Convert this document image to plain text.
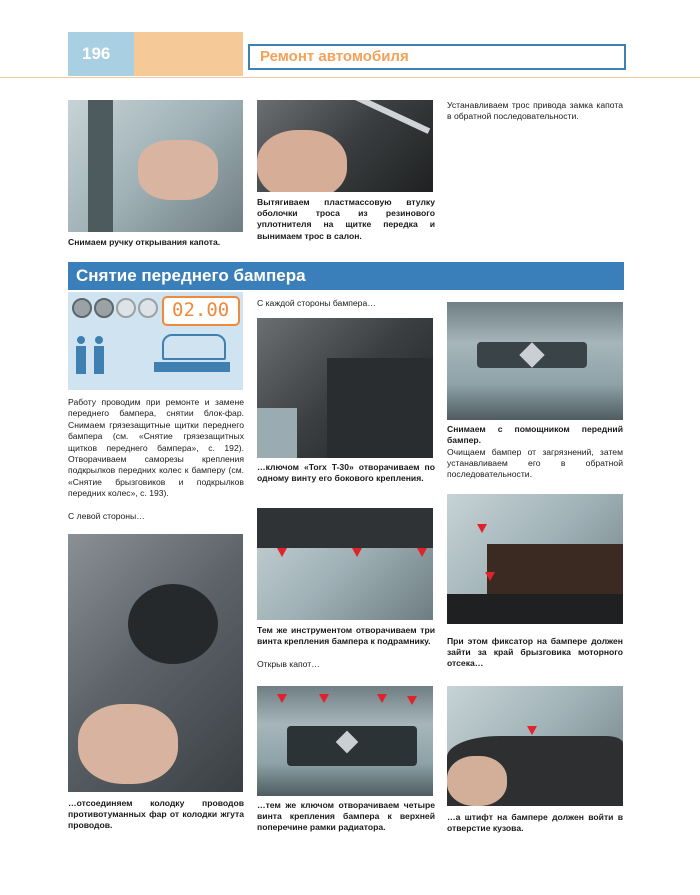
196	Ремонт автомобиля
Снимаем ручку открывания капота.
Вытягиваем пластмассовую втулку оболочки троса из резинового уплотнителя на щитке передка и вынимаем трос в салон.
Устанавливаем трос привода замка капота в обратной последовательности.
Снятие переднего бампера
02.00
Работу проводим при ремонте и замене переднего бампера, снятии блок-фар. Снимаем грязезащитные щитки переднего бампера (см. «Снятие грязезащитных щитков переднего бампера», с. 192). Отворачиваем саморезы крепления подкрылков передних колес к бамперу (см. «Снятие брызговиков и подкрылков передних колес», с. 193).
С левой стороны…
С каждой стороны бампера…
…ключом «Torx T-30» отворачиваем по одному винту его бокового крепления.
Снимаем с помощником передний бампер.
Очищаем бампер от загрязнений, затем устанавливаем его в обратной последовательности.
…отсоединяем колодку проводов противотуманных фар от колодки жгута проводов.
Тем же инструментом отворачиваем три винта крепления бампера к подрамнику.
Открыв капот…
При этом фиксатор на бампере должен зайти за край брызговика моторного отсека…
…тем же ключом отворачиваем четыре винта крепления бампера к верхней поперечине рамки радиатора.
…а штифт на бампере должен войти в отверстие кузова.
